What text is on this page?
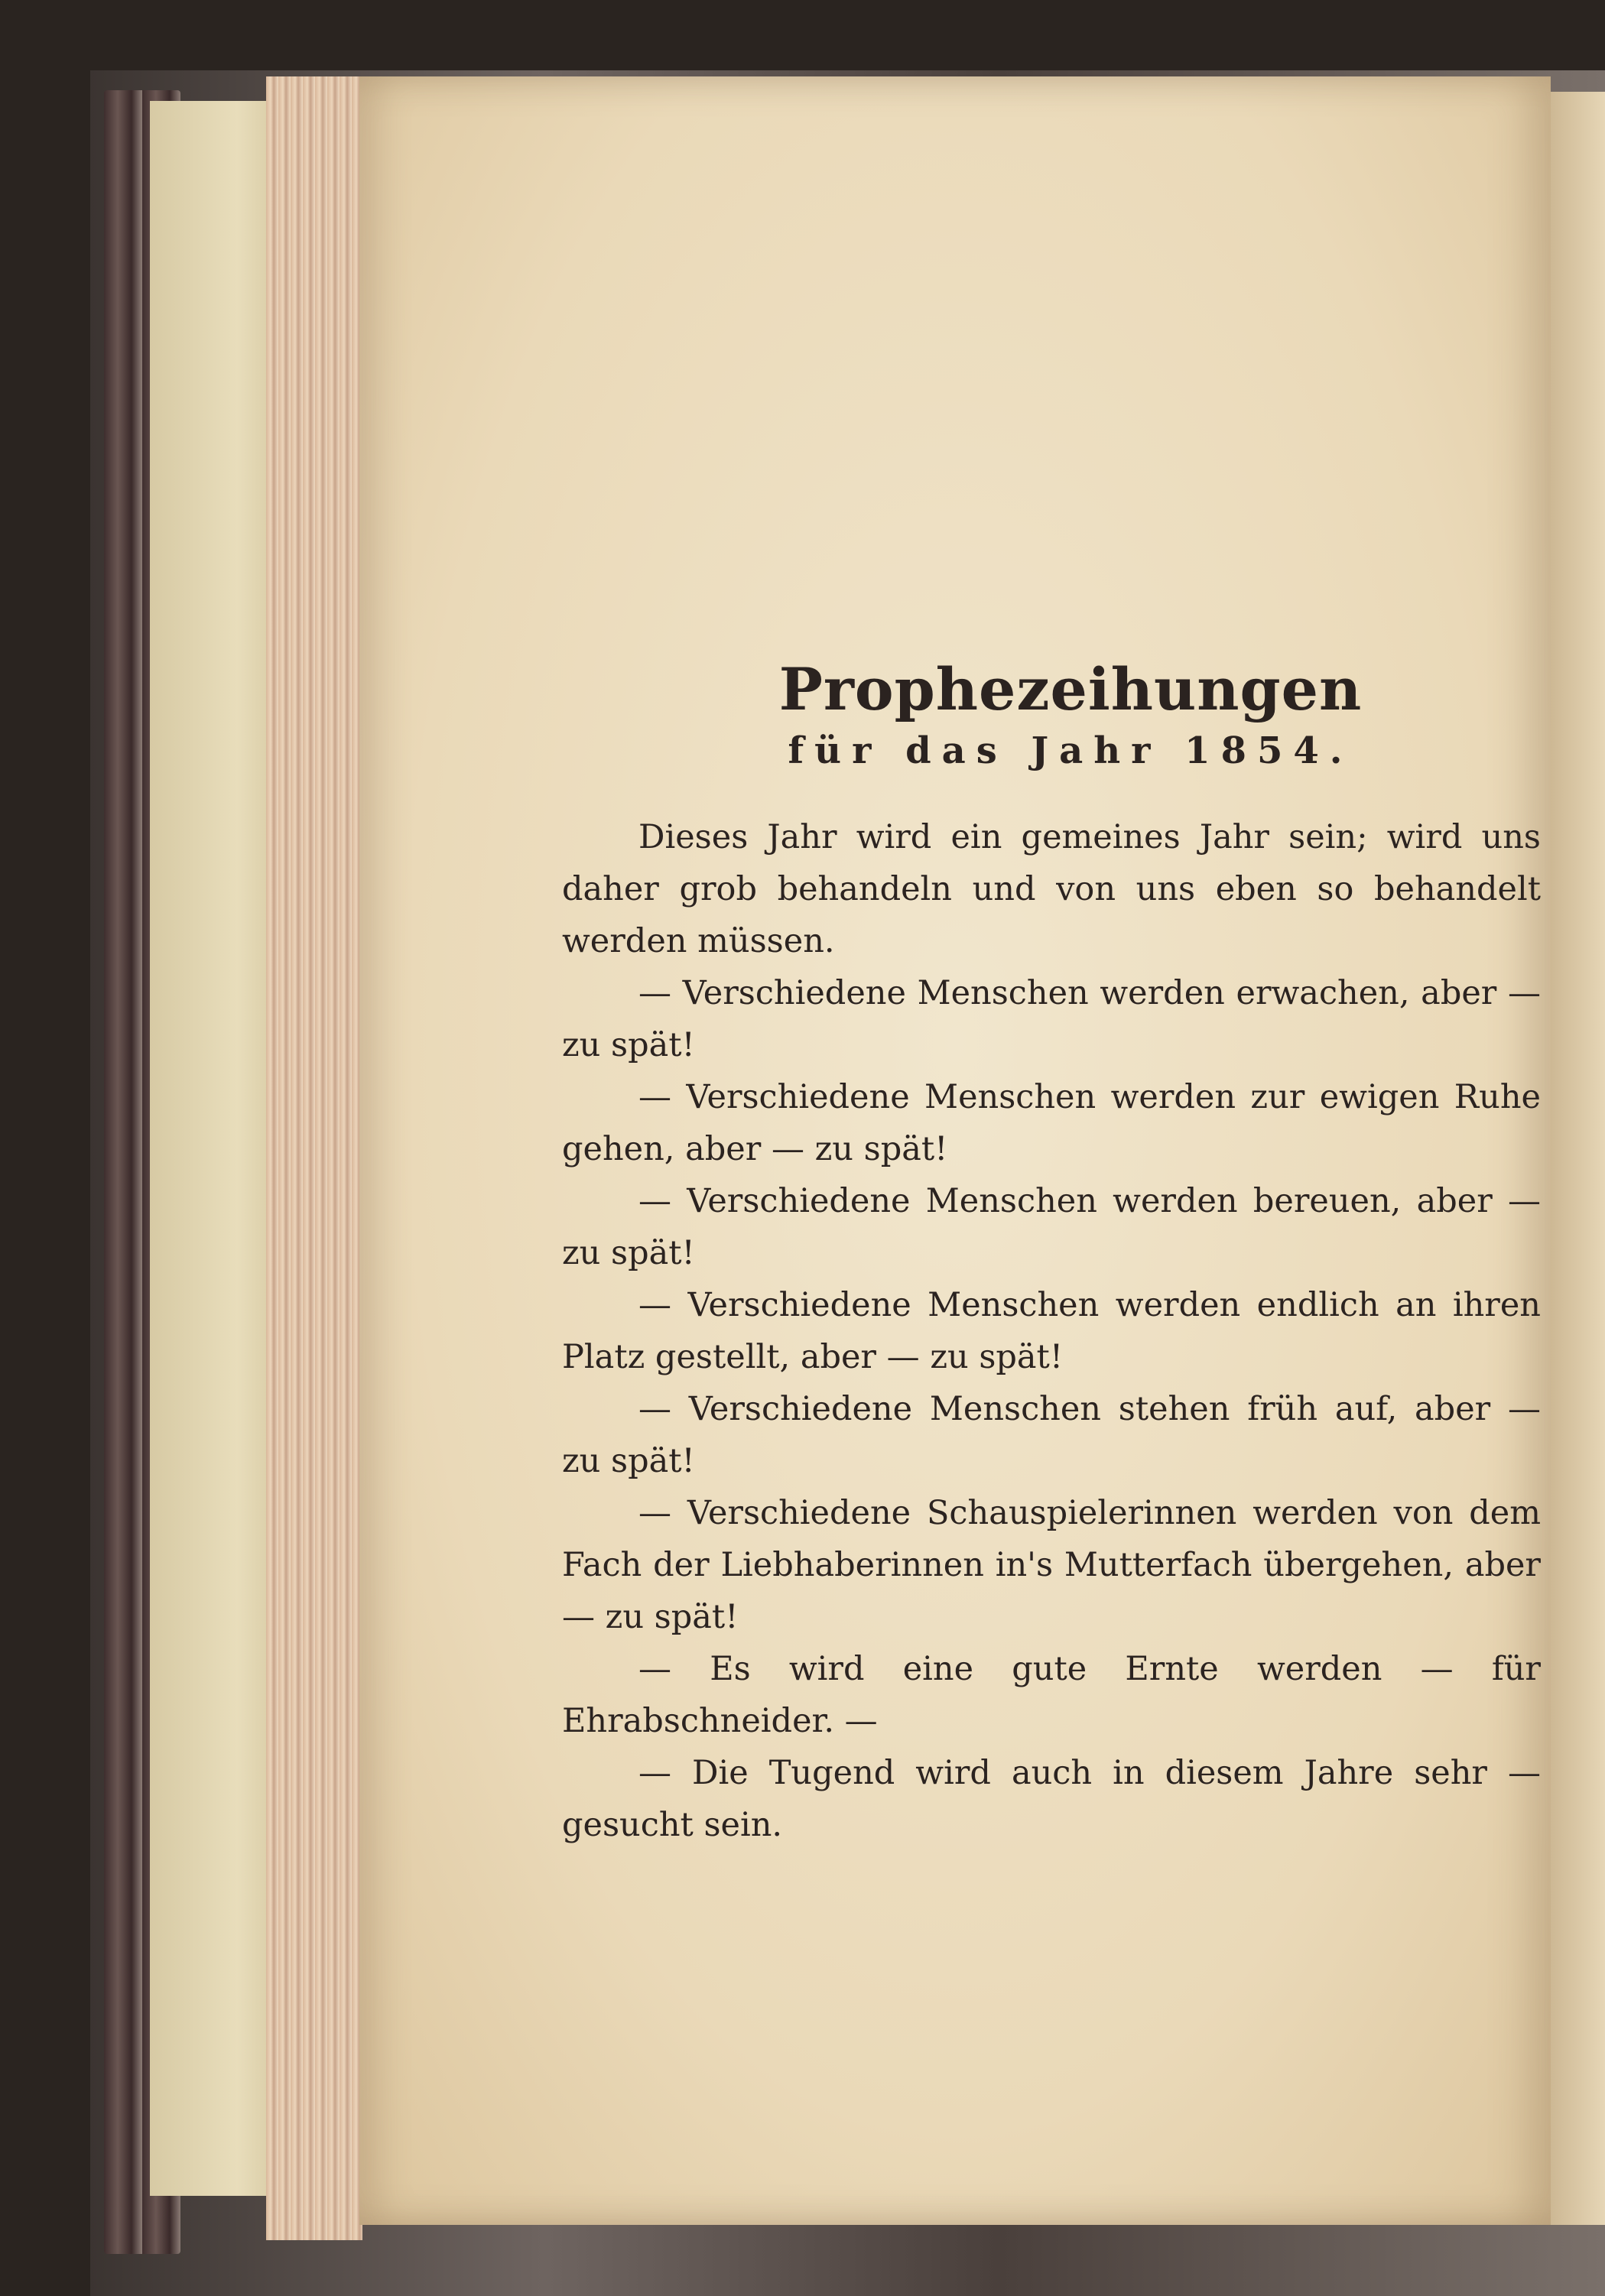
Prophezeihungen
für das Jahr 1854.

Dieses Jahr wird ein gemeines Jahr sein; wird uns daher grob behandeln und von uns eben so behandelt werden müssen.

— Verschiedene Menschen werden erwachen, aber — zu spät!

— Verschiedene Menschen werden zur ewigen Ruhe gehen, aber — zu spät!

— Verschiedene Menschen werden bereuen, aber — zu spät!

— Verschiedene Menschen werden endlich an ihren Platz gestellt, aber — zu spät!

— Verschiedene Menschen stehen früh auf, aber — zu spät!

— Verschiedene Schauspielerinnen werden von dem Fach der Liebhaberinnen in's Mutterfach übergehen, aber — zu spät!

— Es wird eine gute Ernte werden — für Ehrabschneider. —

— Die Tugend wird auch in diesem Jahre sehr — gesucht sein.
